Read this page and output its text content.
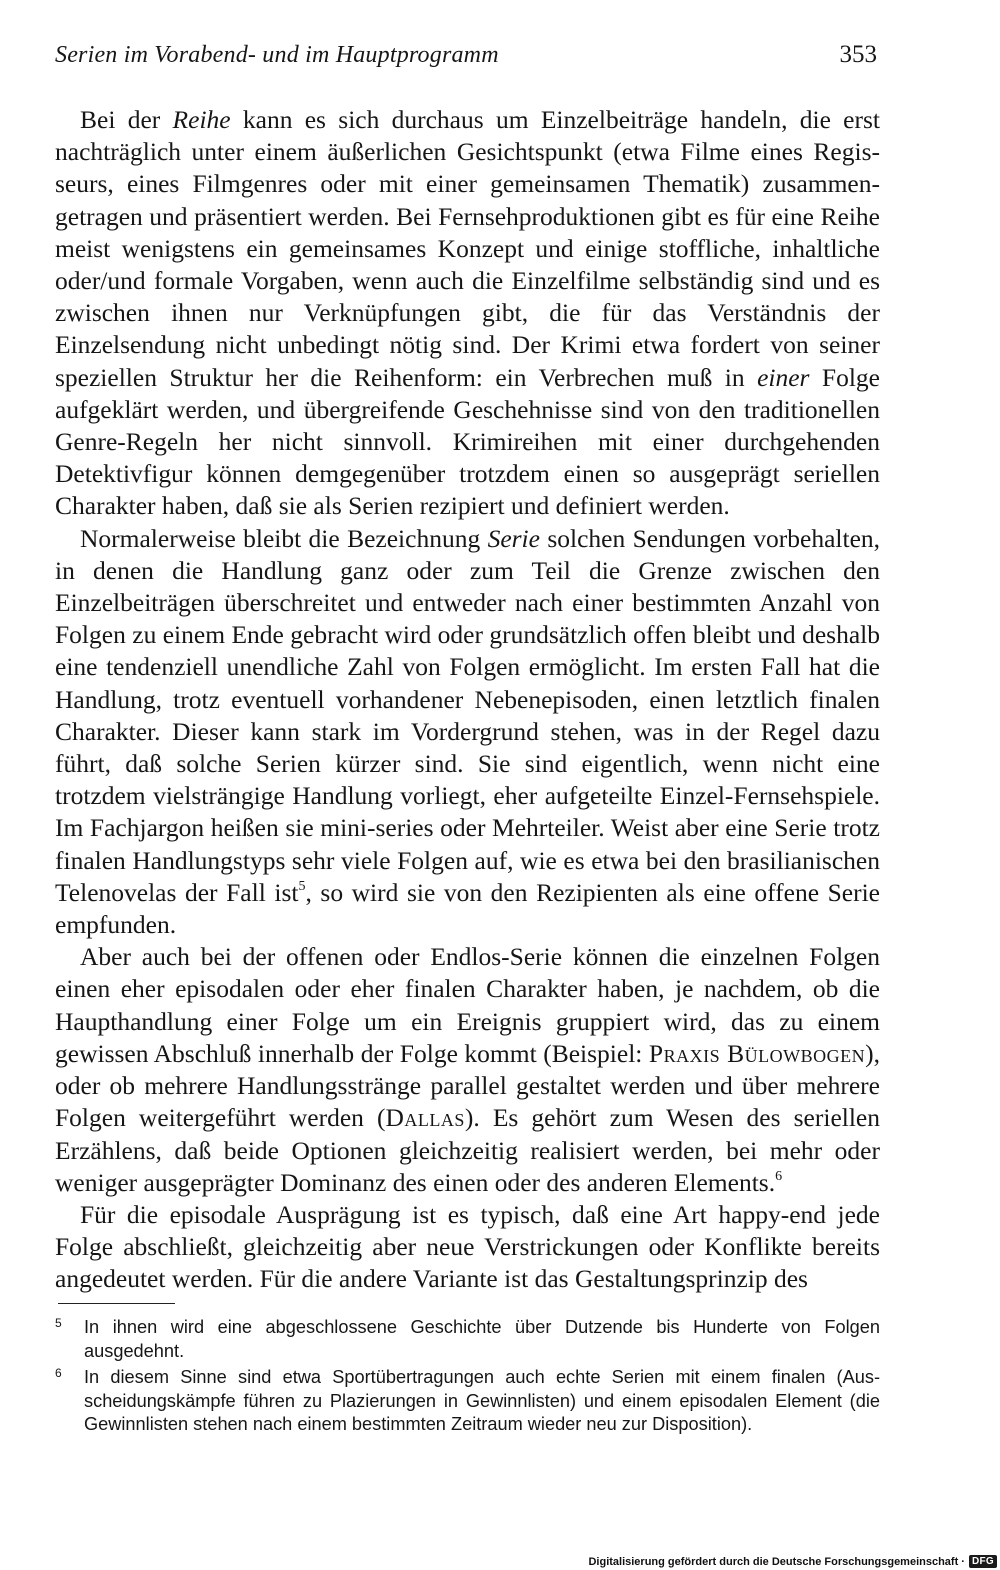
Serien im Vorabend- und im Hauptprogramm	353

Bei der Reihe kann es sich durchaus um Einzelbeiträge handeln, die erst nachträglich unter einem äußerlichen Gesichtspunkt (etwa Filme eines Regisseurs, eines Filmgenres oder mit einer gemeinsamen Thematik) zusammengetragen und präsentiert werden. Bei Fernsehproduktionen gibt es für eine Reihe meist wenigstens ein gemeinsames Konzept und einige stoffliche, inhaltliche oder/und formale Vorgaben, wenn auch die Einzelfilme selbständig sind und es zwischen ihnen nur Verknüpfungen gibt, die für das Verständnis der Einzelsendung nicht unbedingt nötig sind. Der Krimi etwa fordert von seiner speziellen Struktur her die Reihenform: ein Verbrechen muß in einer Folge aufgeklärt werden, und übergreifende Geschehnisse sind von den traditionellen Genre-Regeln her nicht sinnvoll. Krimireihen mit einer durchgehenden Detektivfigur können demgegenüber trotzdem einen so ausgeprägt seriellen Charakter haben, daß sie als Serien rezipiert und definiert werden.

Normalerweise bleibt die Bezeichnung Serie solchen Sendungen vorbehalten, in denen die Handlung ganz oder zum Teil die Grenze zwischen den Einzelbeiträgen überschreitet und entweder nach einer bestimmten Anzahl von Folgen zu einem Ende gebracht wird oder grundsätzlich offen bleibt und deshalb eine tendenziell unendliche Zahl von Folgen ermöglicht. Im ersten Fall hat die Handlung, trotz eventuell vorhandener Nebenepisoden, einen letztlich finalen Charakter. Dieser kann stark im Vordergrund stehen, was in der Regel dazu führt, daß solche Serien kürzer sind. Sie sind eigentlich, wenn nicht eine trotzdem vielsträngige Handlung vorliegt, eher aufgeteilte Einzel-Fernsehspiele. Im Fachjargon heißen sie mini-series oder Mehrteiler. Weist aber eine Serie trotz finalen Handlungstyps sehr viele Folgen auf, wie es etwa bei den brasilianischen Telenovelas der Fall ist$^5$, so wird sie von den Rezipienten als eine offene Serie empfunden.

Aber auch bei der offenen oder Endlos-Serie können die einzelnen Folgen einen eher episodalen oder eher finalen Charakter haben, je nachdem, ob die Haupthandlung einer Folge um ein Ereignis gruppiert wird, das zu einem gewissen Abschluß innerhalb der Folge kommt (Beispiel: Praxis Bülowbogen), oder ob mehrere Handlungsstränge parallel gestaltet werden und über mehrere Folgen weitergeführt werden (Dallas). Es gehört zum Wesen des seriellen Erzählens, daß beide Optionen gleichzeitig realisiert werden, bei mehr oder weniger ausgeprägter Dominanz des einen oder des anderen Elements.$^6$

Für die episodale Ausprägung ist es typisch, daß eine Art happy-end jede Folge abschließt, gleichzeitig aber neue Verstrickungen oder Konflikte bereits angedeutet werden. Für die andere Variante ist das Gestaltungsprinzip des

5 In ihnen wird eine abgeschlossene Geschichte über Dutzende bis Hunderte von Folgen ausgedehnt.

6 In diesem Sinne sind etwa Sportübertragungen auch echte Serien mit einem finalen (Ausscheidungskämpfe führen zu Plazierungen in Gewinnlisten) und einem episodalen Element (die Gewinnlisten stehen nach einem bestimmten Zeitraum wieder neu zur Disposition).

Digitalisierung gefördert durch die Deutsche Forschungsgemeinschaft · DFG
